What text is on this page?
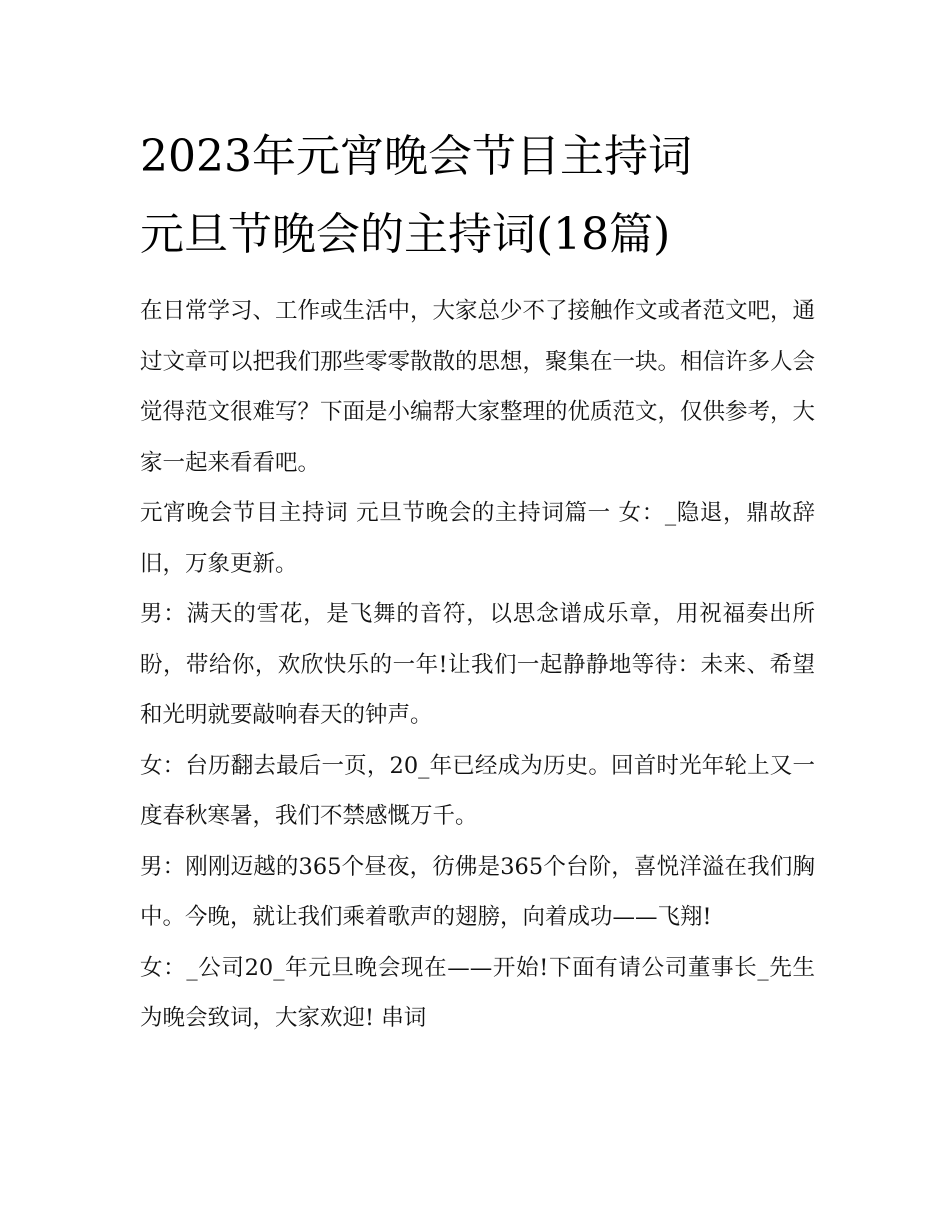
2023年元宵晚会节目主持词
元旦节晚会的主持词(18篇)

在日常学习、工作或生活中，大家总少不了接触作文或者范文吧，通过文章可以把我们那些零零散散的思想，聚集在一块。相信许多人会觉得范文很难写？下面是小编帮大家整理的优质范文，仅供参考，大家一起来看看吧。

元宵晚会节目主持词 元旦节晚会的主持词篇一 女：_隐退，鼎故辞旧，万象更新。

男：满天的雪花，是飞舞的音符，以思念谱成乐章，用祝福奏出所盼，带给你，欢欣快乐的一年!让我们一起静静地等待：未来、希望和光明就要敲响春天的钟声。

女：台历翻去最后一页，20_年已经成为历史。回首时光年轮上又一度春秋寒暑，我们不禁感慨万千。

男：刚刚迈越的365个昼夜，彷佛是365个台阶，喜悦洋溢在我们胸中。今晚，就让我们乘着歌声的翅膀，向着成功——飞翔!

女：_公司20_年元旦晚会现在——开始!下面有请公司董事长_先生为晚会致词，大家欢迎! 串词
